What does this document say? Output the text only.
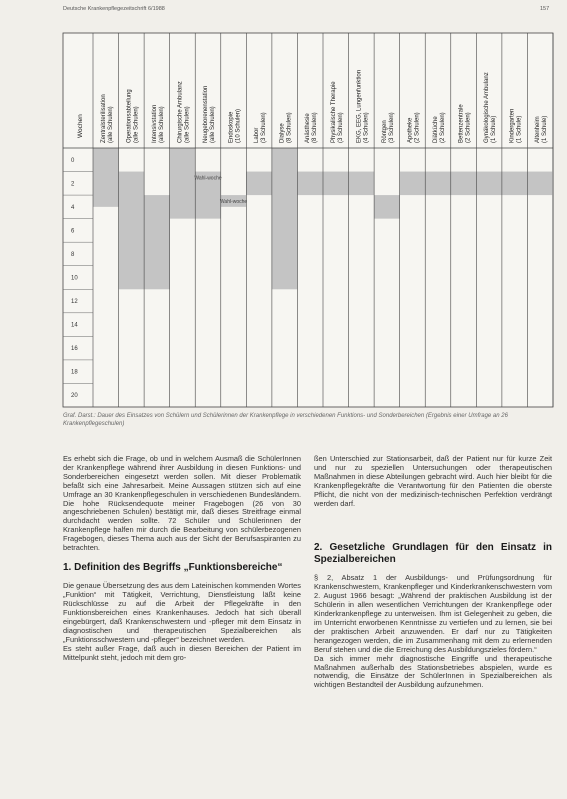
Deutsche Krankenpflegezeitschrift 6/1988	157
Wahl-woche
Wahl-woche
0
2
4
6
8
10
12
14
16
18
20
Wochen	Zentralsterilisation(alle Schulen) Operationsabteilung(alle Schulen) Intensivstation(alle Schulen) Chirurgische Ambulanz(alle Schulen) Neugeborenenstation(alle Schulen) Endoskopie(10 Schulen) Labor(3 Schulen) Dialyse(8 Schulen) Anästhesie(8 Schulen) Physikalische Therapie(3 Schulen) EKG, EEG, Lungenfunktion(4 Schulen) Röntgen(3 Schulen) Apotheke(2 Schulen) Diätküche(2 Schulen) Bettenzentrale(2 Schulen) Gynäkologische Ambulanz(1 Schule) Kindergarten(1 Schule) Altenheim(1 Schule)
Graf. Darst.: Dauer des Einsatzes von Schülern und Schülerinnen der Krankenpflege in verschiedenen Funktions- und Sonderbereichen (Ergebnis einer Umfrage an 26 Krankenpflegeschulen)

Es erhebt sich die Frage, ob und in welchem Ausmaß die SchülerInnen der Krankenpflege während ihrer Ausbildung in diesen Funktions- und Sonderbereichen eingesetzt werden sollen. Mit dieser Problematik befaßt sich eine Jahresarbeit. Meine Aussagen stützen sich auf eine Umfrage an 30 Krankenpflegeschulen in verschiedenen Bundesländern. Die hohe Rücksendequote meiner Fragebogen (26 von 30 angeschriebenen Schulen) bestätigt mir, daß dieses Streitfrage einmal durchdacht werden sollte. 72 Schüler und Schülerinnen der Krankenpflege halfen mir durch die Bearbeitung von schülerbezogenen Fragebogen, dieses Thema auch aus der Sicht der Berufsaspiranten zu betrachten.

1. Definition des Begriffs „Funktionsbereiche“

Die genaue Übersetzung des aus dem Lateinischen kommenden Wortes „Funktion“ mit Tätigkeit, Verrichtung, Dienstleistung läßt keine Rückschlüsse zu auf die Arbeit der Pflegekräfte in den Funktionsbereichen eines Krankenhauses. Jedoch hat sich überall eingebürgert, daß Krankenschwestern und -pfleger mit dem Einsatz in diagnostischen und therapeutischen Spezialbereichen als „Funktionsschwestern und -pfleger“ bezeichnet werden.

Es steht außer Frage, daß auch in diesen Bereichen der Patient im Mittelpunkt steht, jedoch mit dem gro-

ßen Unterschied zur Stationsarbeit, daß der Patient nur für kurze Zeit und nur zu speziellen Untersuchungen oder therapeutischen Maßnahmen in diese Abteilungen gebracht wird. Auch hier bleibt für die Krankenpflegekräfte die Verantwortung für den Patienten die oberste Pflicht, die nicht von der medizinisch-technischen Perfektion verdrängt werden darf.

2. Gesetzliche Grundlagen für den Einsatz in Spezialbereichen

§ 2, Absatz 1 der Ausbildungs- und Prüfungsordnung für Krankenschwestern, Krankenpfleger und Kinderkrankenschwestern vom 2. August 1966 besagt: „Während der praktischen Ausbildung ist der Schülerin in allen wesentlichen Verrichtungen der Krankenpflege oder Kinderkrankenpflege zu unterweisen. Ihm ist Gelegenheit zu geben, die im Unterricht erworbenen Kenntnisse zu vertiefen und zu lernen, sie bei der praktischen Arbeit anzuwenden. Er darf nur zu Tätigkeiten herangezogen werden, die im Zusammenhang mit dem zu erlernenden Beruf stehen und die die Erreichung des Ausbildungszieles fördern.“

Da sich immer mehr diagnostische Eingriffe und therapeutische Maßnahmen außerhalb des Stationsbetriebes abspielen, wurde es notwendig, die Einsätze der SchülerInnen in Spezialbereichen als wichtigen Bestandteil der Ausbildung aufzunehmen.
